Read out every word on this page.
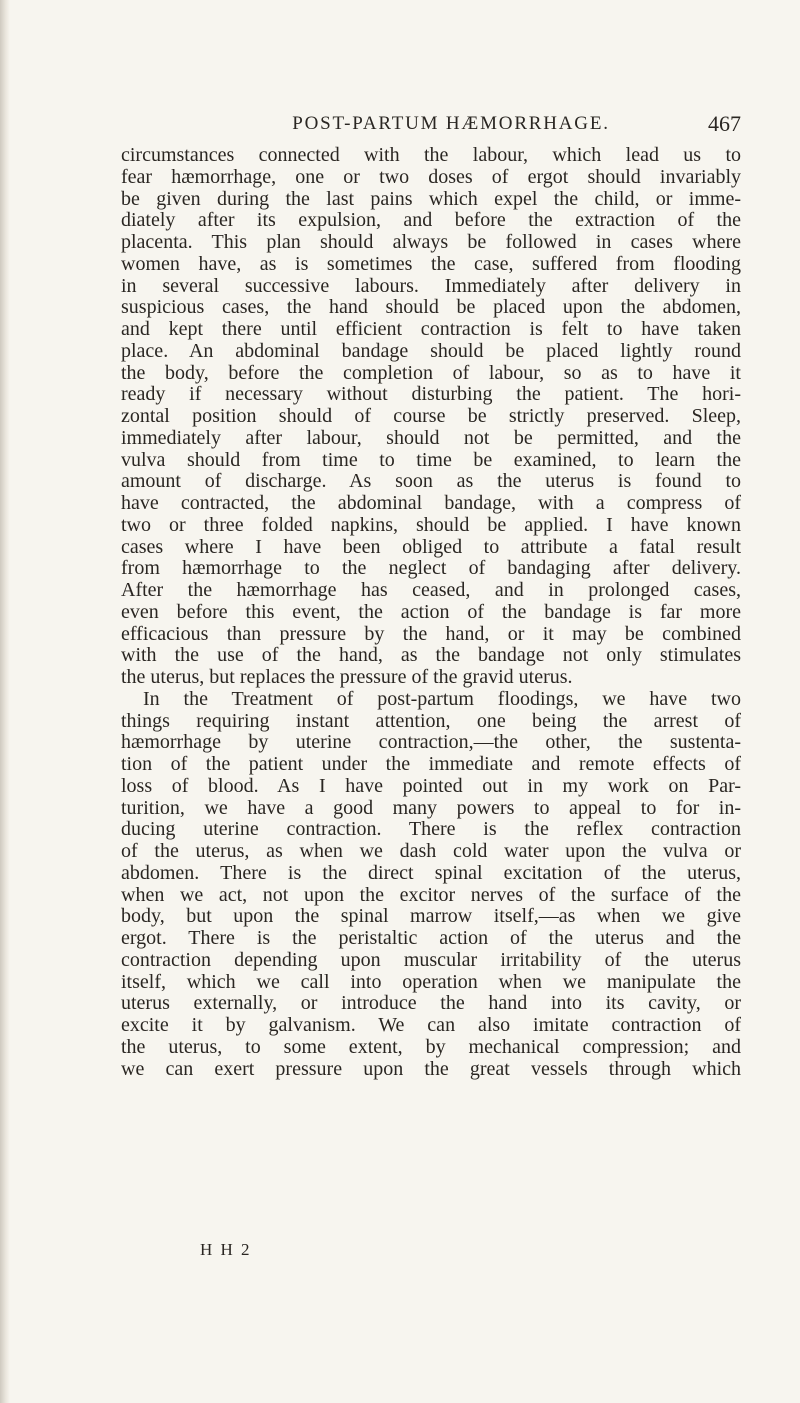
POST-PARTUM HÆMORRHAGE.	467
circumstances connected with the labour, which lead us to
fear hæmorrhage, one or two doses of ergot should invariably
be given during the last pains which expel the child, or imme-
diately after its expulsion, and before the extraction of the
placenta. This plan should always be followed in cases where
women have, as is sometimes the case, suffered from flooding
in several successive labours. Immediately after delivery in
suspicious cases, the hand should be placed upon the abdomen,
and kept there until efficient contraction is felt to have taken
place. An abdominal bandage should be placed lightly round
the body, before the completion of labour, so as to have it
ready if necessary without disturbing the patient. The hori-
zontal position should of course be strictly preserved. Sleep,
immediately after labour, should not be permitted, and the
vulva should from time to time be examined, to learn the
amount of discharge. As soon as the uterus is found to
have contracted, the abdominal bandage, with a compress of
two or three folded napkins, should be applied. I have known
cases where I have been obliged to attribute a fatal result
from hæmorrhage to the neglect of bandaging after delivery.
After the hæmorrhage has ceased, and in prolonged cases,
even before this event, the action of the bandage is far more
efficacious than pressure by the hand, or it may be combined
with the use of the hand, as the bandage not only stimulates
the uterus, but replaces the pressure of the gravid uterus.
In the Treatment of post-partum floodings, we have two
things requiring instant attention, one being the arrest of
hæmorrhage by uterine contraction,—the other, the sustenta-
tion of the patient under the immediate and remote effects of
loss of blood. As I have pointed out in my work on Par-
turition, we have a good many powers to appeal to for in-
ducing uterine contraction. There is the reflex contraction
of the uterus, as when we dash cold water upon the vulva or
abdomen. There is the direct spinal excitation of the uterus,
when we act, not upon the excitor nerves of the surface of the
body, but upon the spinal marrow itself,—as when we give
ergot. There is the peristaltic action of the uterus and the
contraction depending upon muscular irritability of the uterus
itself, which we call into operation when we manipulate the
uterus externally, or introduce the hand into its cavity, or
excite it by galvanism. We can also imitate contraction of
the uterus, to some extent, by mechanical compression; and
we can exert pressure upon the great vessels through which
H H 2
